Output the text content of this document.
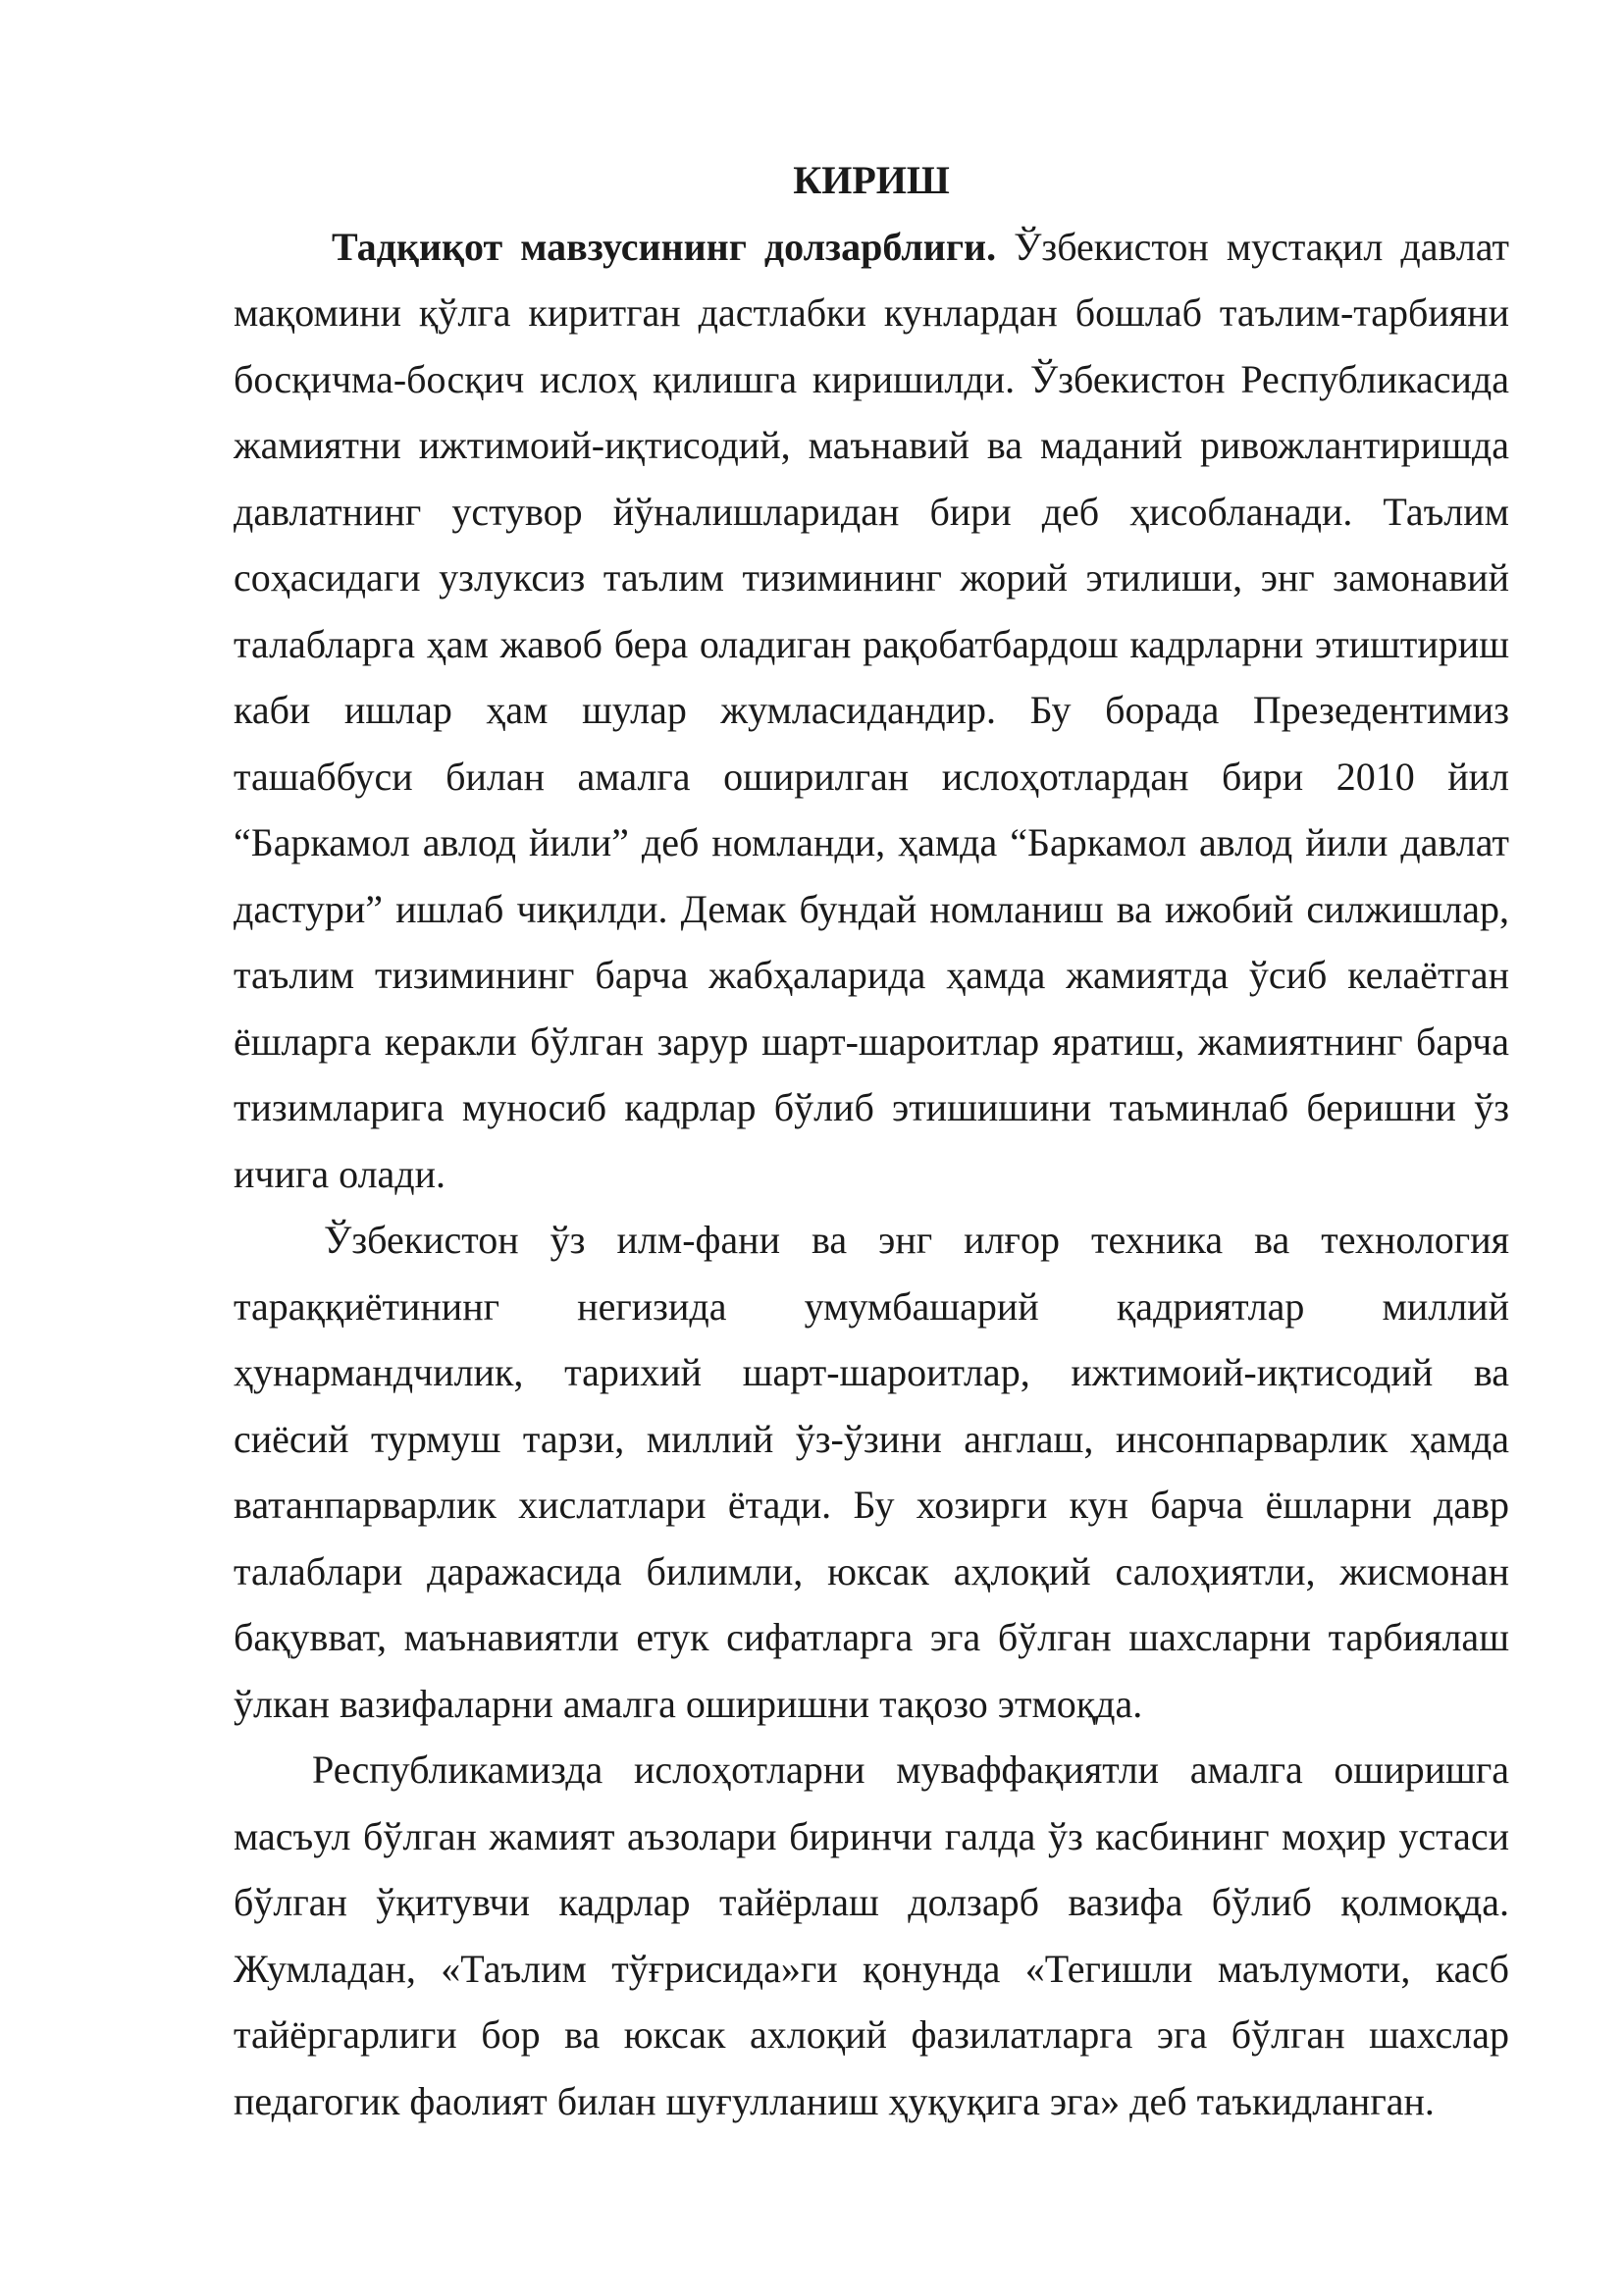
КИРИШ

Тадқиқот мавзусининг долзарблиги. Ўзбекистон мустақил давлат мақомини қўлга киритган дастлабки кунлардан бошлаб таълим-тарбияни босқичма-босқич ислоҳ қилишга киришилди. Ўзбекистон Республикасида жамиятни ижтимоий-иқтисодий, маънавий ва маданий ривожлантиришда давлатнинг устувор йўналишларидан бири деб ҳисобланади. Таълим соҳасидаги узлуксиз таълим тизимининг жорий этилиши, энг замонавий талабларга ҳам жавоб бера оладиган рақобатбардош кадрларни этиштириш каби ишлар ҳам шулар жумласидандир. Бу борада Презедентимиз ташаббуси билан амалга оширилган ислоҳотлардан бири 2010 йил “Баркамол авлод йили” деб номланди, ҳамда “Баркамол авлод йили давлат дастури” ишлаб чиқилди. Демак бундай номланиш ва ижобий силжишлар, таълим тизимининг барча жабҳаларида ҳамда жамиятда ўсиб келаётган ёшларга керакли бўлган зарур шарт-шароитлар яратиш, жамиятнинг барча тизимларига муносиб кадрлар бўлиб этишишини таъминлаб беришни ўз ичига олади.

Ўзбекистон ўз илм-фани ва энг илғор техника ва технология тараққиётининг негизида умумбашарий қадриятлар миллий ҳунармандчилик, тарихий шарт-шароитлар, ижтимоий-иқтисодий ва сиёсий турмуш тарзи, миллий ўз-ўзини англаш, инсонпарварлик ҳамда ватанпарварлик хислатлари ётади. Бу хозирги кун барча ёшларни давр талаблари даражасида билимли, юксак аҳлоқий салоҳиятли, жисмонан бақувват, маънавиятли етук сифатларга эга бўлган шахсларни тарбиялаш ўлкан вазифаларни амалга оширишни тақозо этмоқда.

Республикамизда ислоҳотларни муваффақиятли амалга оширишга масъул бўлган жамият аъзолари биринчи галда ўз касбининг моҳир устаси бўлган ўқитувчи кадрлар тайёрлаш долзарб вазифа бўлиб қолмоқда. Жумладан, «Таълим тўғрисида»ги қонунда «Тегишли маълумоти, касб тайёргарлиги бор ва юксак ахлоқий фазилатларга эга бўлган шахслар педагогик фаолият билан шуғулланиш ҳуқуқига эга» деб таъкидланган.
